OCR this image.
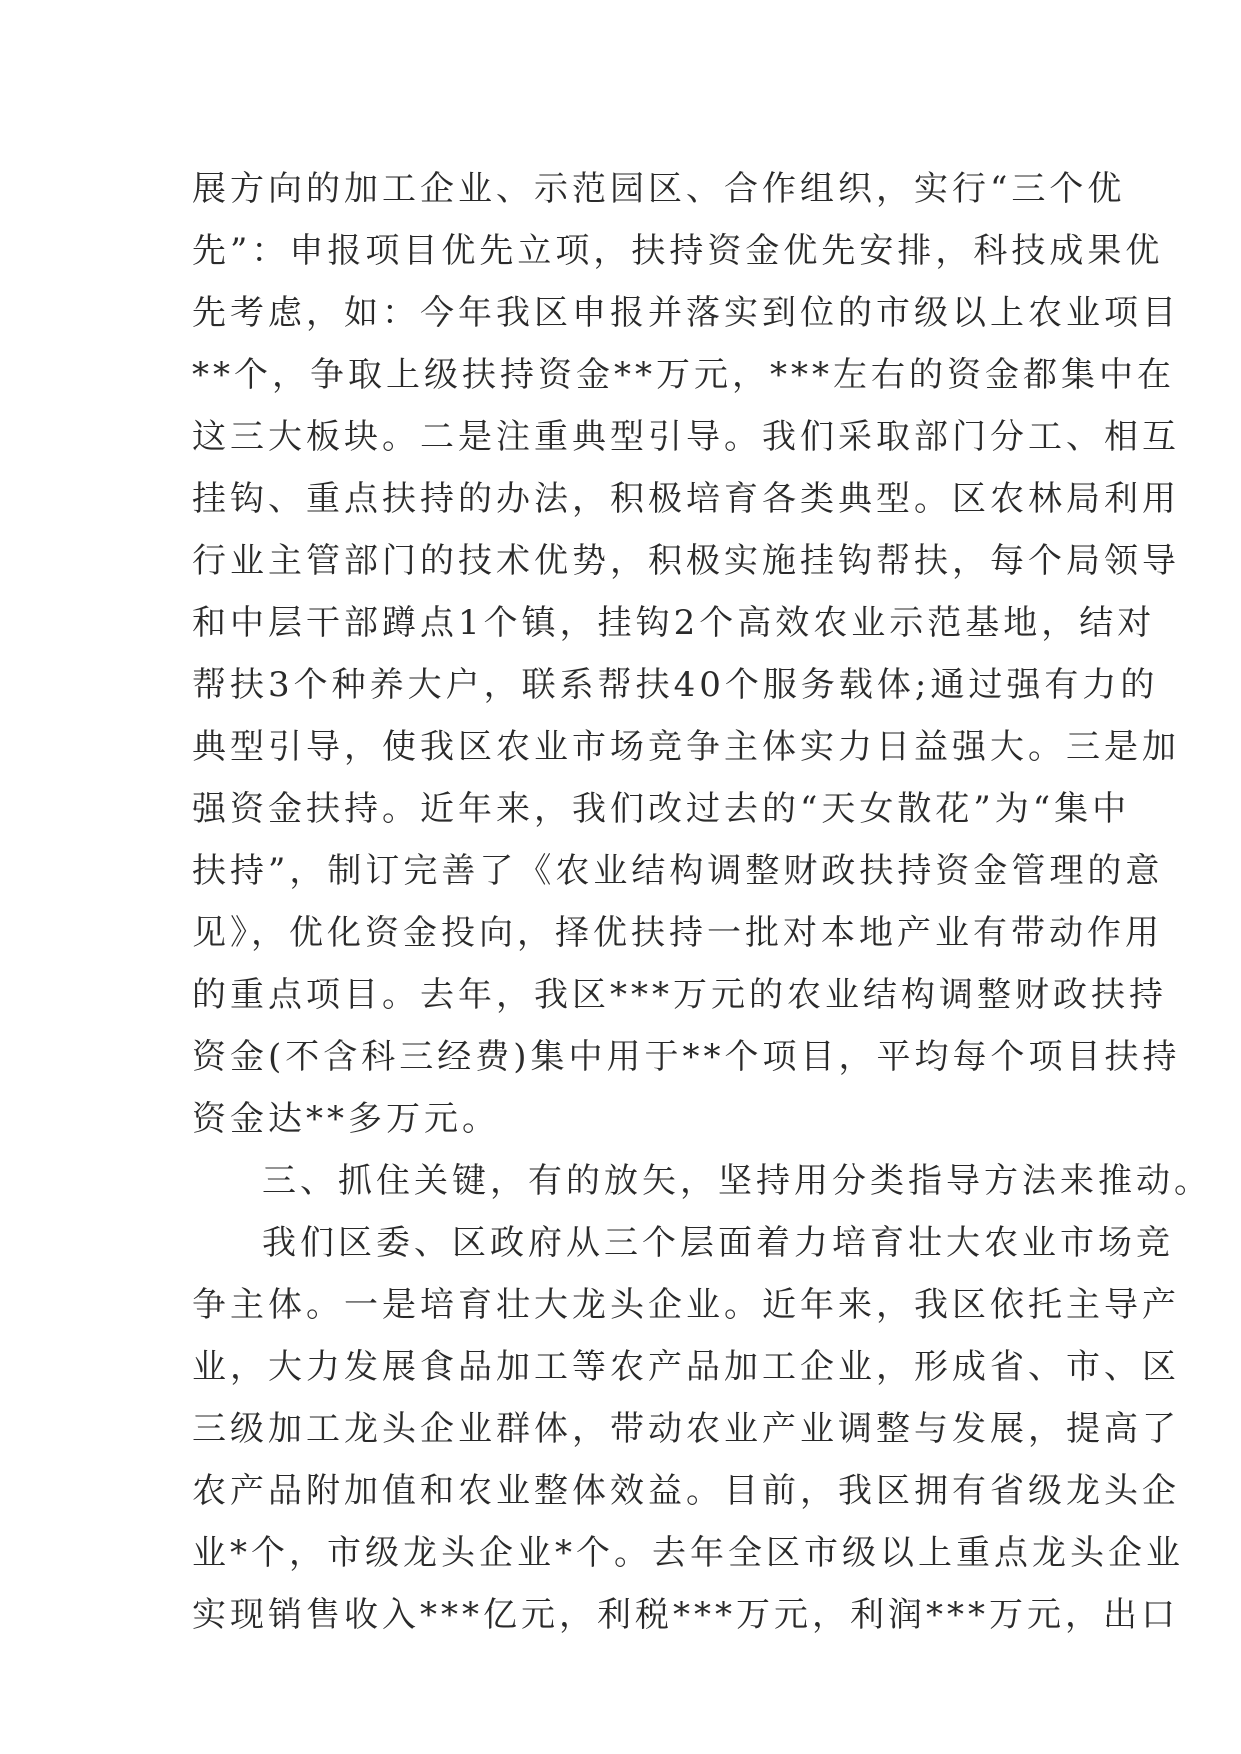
展方向的加工企业、示范园区、合作组织，实行“三个优
先”：申报项目优先立项，扶持资金优先安排，科技成果优
先考虑，如：今年我区申报并落实到位的市级以上农业项目
**个，争取上级扶持资金**万元，***左右的资金都集中在
这三大板块。二是注重典型引导。我们采取部门分工、相互
挂钩、重点扶持的办法，积极培育各类典型。区农林局利用
行业主管部门的技术优势，积极实施挂钩帮扶，每个局领导
和中层干部蹲点1个镇，挂钩2个高效农业示范基地，结对
帮扶3个种养大户，联系帮扶40个服务载体;通过强有力的
典型引导，使我区农业市场竞争主体实力日益强大。三是加
强资金扶持。近年来，我们改过去的“天女散花”为“集中
扶持”，制订完善了《农业结构调整财政扶持资金管理的意
见》，优化资金投向，择优扶持一批对本地产业有带动作用
的重点项目。去年，我区***万元的农业结构调整财政扶持
资金(不含科三经费)集中用于**个项目，平均每个项目扶持
资金达**多万元。
三、抓住关键，有的放矢，坚持用分类指导方法来推动。
我们区委、区政府从三个层面着力培育壮大农业市场竞
争主体。一是培育壮大龙头企业。近年来，我区依托主导产
业，大力发展食品加工等农产品加工企业，形成省、市、区
三级加工龙头企业群体，带动农业产业调整与发展，提高了
农产品附加值和农业整体效益。目前，我区拥有省级龙头企
业*个，市级龙头企业*个。去年全区市级以上重点龙头企业
实现销售收入***亿元，利税***万元，利润***万元，出口
